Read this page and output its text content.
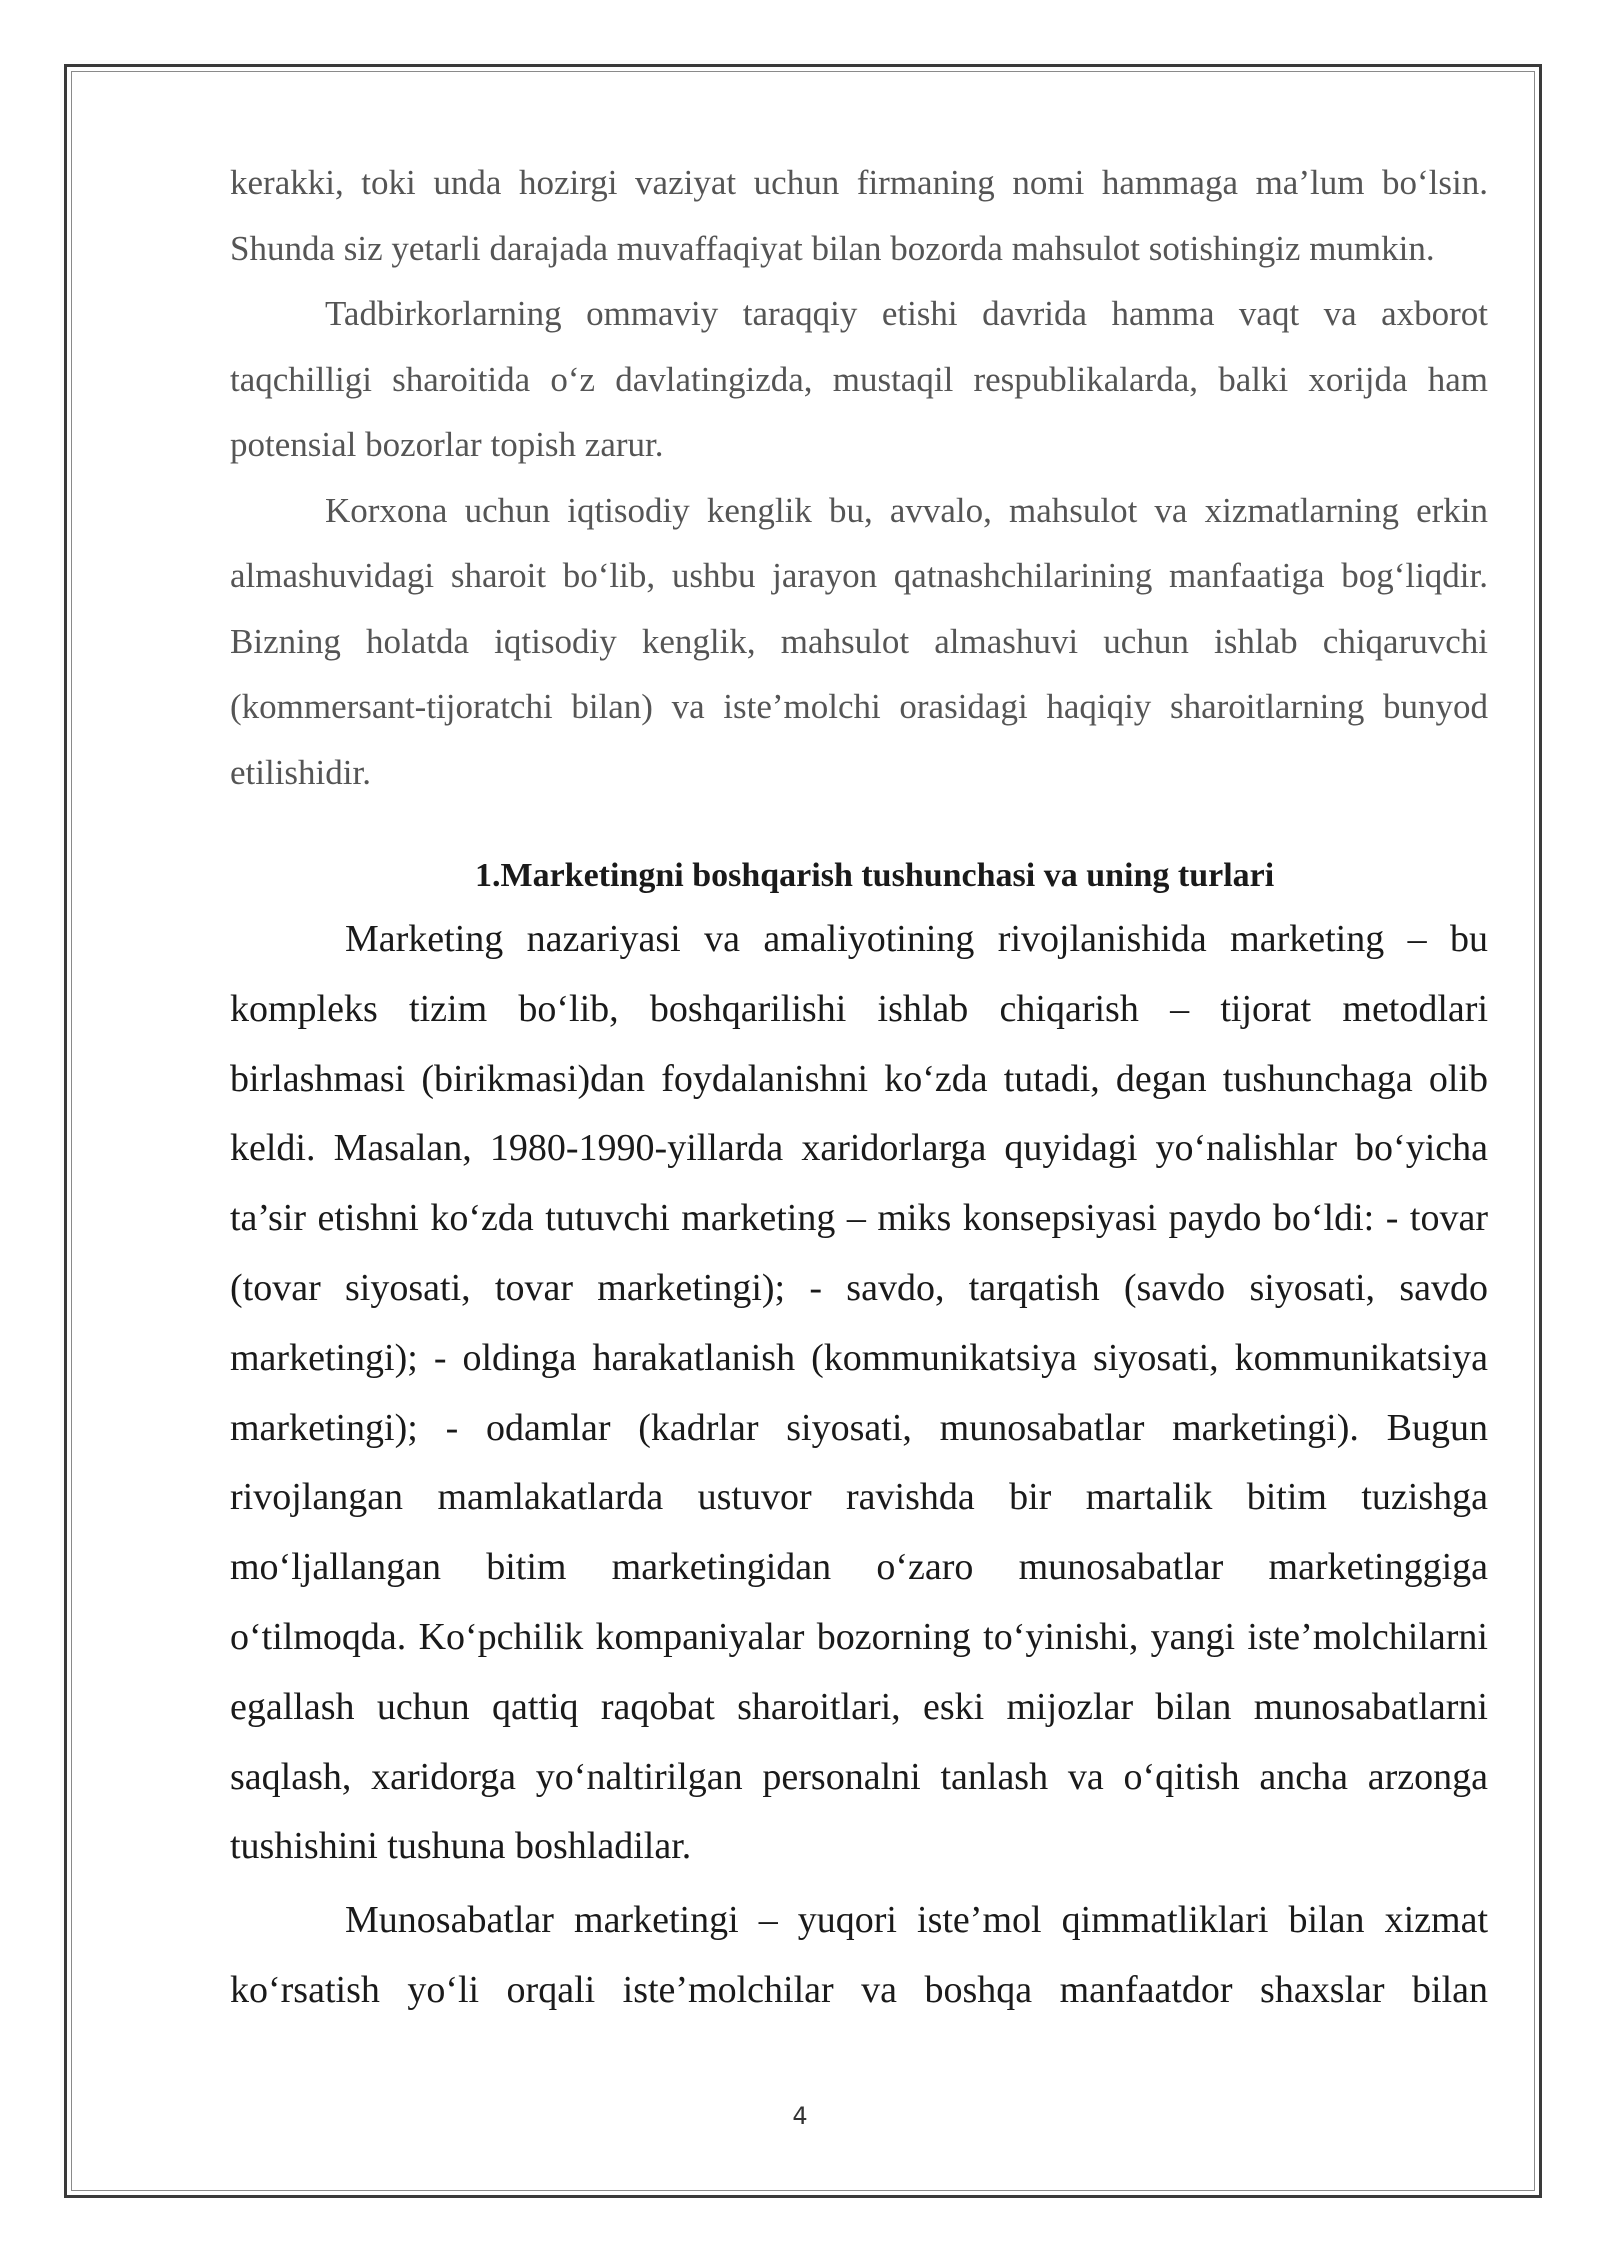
kerakki, toki unda hozirgi vaziyat uchun firmaning nomi hammaga ma’lum bo‘lsin. Shunda siz yetarli darajada muvaffaqiyat bilan bozorda mahsulot sotishingiz mumkin.

Tadbirkorlarning ommaviy taraqqiy etishi davrida hamma vaqt va axborot taqchilligi sharoitida o‘z davlatingizda, mustaqil respublikalarda, balki xorijda ham potensial bozorlar topish zarur.

Korxona uchun iqtisodiy kenglik bu, avvalo, mahsulot va xizmatlarning erkin almashuvidagi sharoit bo‘lib, ushbu jarayon qatnashchilarining manfaatiga bog‘liqdir. Bizning holatda iqtisodiy kenglik, mahsulot almashuvi uchun ishlab chiqaruvchi (kommersant-tijoratchi bilan) va iste’molchi orasidagi haqiqiy sharoitlarning bunyod etilishidir.

1.Marketingni boshqarish tushunchasi va uning turlari

Marketing nazariyasi va amaliyotining rivojlanishida marketing – bu kompleks tizim bo‘lib, boshqarilishi ishlab chiqarish – tijorat metodlari birlashmasi (birikmasi)dan foydalanishni ko‘zda tutadi, degan tushunchaga olib keldi. Masalan, 1980-1990-yillarda xaridorlarga quyidagi yo‘nalishlar bo‘yicha ta’sir etishni ko‘zda tutuvchi marketing – miks konsepsiyasi paydo bo‘ldi: - tovar (tovar siyosati, tovar marketingi); - savdo, tarqatish (savdo siyosati, savdo marketingi); - oldinga harakatlanish (kommunikatsiya siyosati, kommunikatsiya marketingi); - odamlar (kadrlar siyosati, munosabatlar marketingi). Bugun rivojlangan mamlakatlarda ustuvor ravishda bir martalik bitim tuzishga mo‘ljallangan bitim marketingidan o‘zaro munosabatlar marketinggiga o‘tilmoqda. Ko‘pchilik kompaniyalar bozorning to‘yinishi, yangi iste’molchilarni egallash uchun qattiq raqobat sharoitlari, eski mijozlar bilan munosabatlarni saqlash, xaridorga yo‘naltirilgan personalni tanlash va o‘qitish ancha arzonga tushishini tushuna boshladilar.

Munosabatlar marketingi – yuqori iste’mol qimmatliklari bilan xizmat ko‘rsatish yo‘li orqali iste’molchilar va boshqa manfaatdor shaxslar bilan

4
